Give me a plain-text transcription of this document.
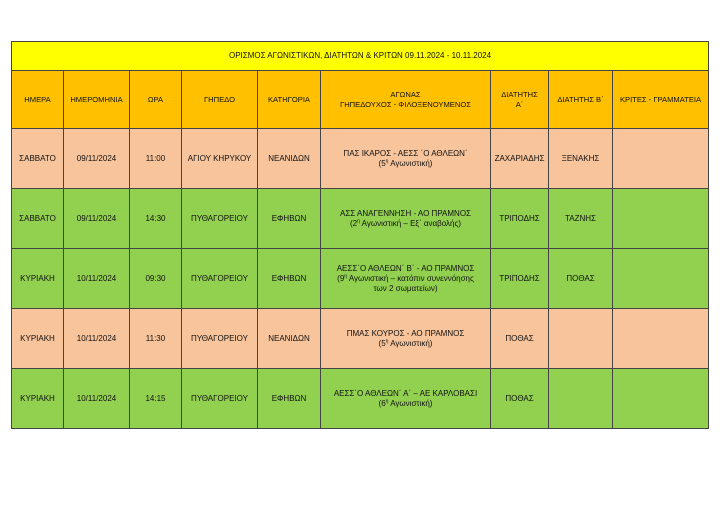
ΟΡΙΣΜΟΣ ΑΓΩΝΙΣΤΙΚΩΝ, ΔΙΑΤΗΤΩΝ & ΚΡΙΤΩΝ 09.11.2024 - 10.11.2024								
ΗΜΕΡΑ	ΗΜΕΡΟΜΗΝΙΑ	ΩΡΑ	ΓΗΠΕΔΟ	ΚΑΤΗΓΟΡΙΑ	ΑΓΩΝΑΣ
ΓΗΠΕΔΟΥΧΟΣ - ΦΙΛΟΞΕΝΟΥΜΕΝΟΣ	ΔΙΑΤΗΤΗΣ
Α΄	ΔΙΑΤΗΤΗΣ Β΄	ΚΡΙΤΕΣ - ΓΡΑΜΜΑΤΕΙΑ
ΣΑΒΒΑΤΟ	09/11/2024	11:00	ΑΓΙΟΥ ΚΗΡΥΚΟΥ	ΝΕΑΝΙΔΩΝ	ΠΑΣ ΙΚΑΡΟΣ - ΑΕΣΣ ΄Ο ΑΘΛΕΩΝ΄
($5^\eta$ Αγωνιστική)	ΖΑΧΑΡΙΑΔΗΣ	ΞΕΝΑΚΗΣ	
ΣΑΒΒΑΤΟ	09/11/2024	14:30	ΠΥΘΑΓΟΡΕΙΟΥ	ΕΦΗΒΩΝ	ΑΣΣ ΑΝΑΓΕΝΝΗΣΗ - ΑΟ ΠΡΑΜΝΟΣ
($2^\eta$ Αγωνιστική – Εξ΄ αναβολής)	ΤΡΙΠΟΔΗΣ	ΤΑΖΝΗΣ	
ΚΥΡΙΑΚΗ	10/11/2024	09:30	ΠΥΘΑΓΟΡΕΙΟΥ	ΕΦΗΒΩΝ	ΑΕΣΣ΄Ο ΑΘΛΕΩΝ΄ Β΄ - ΑΟ ΠΡΑΜΝΟΣ
($9^\eta$ Αγωνιστική – κατόπιν συνεννόησης
των 2 σωματείων)	ΤΡΙΠΟΔΗΣ	ΠΟΘΑΣ	
ΚΥΡΙΑΚΗ	10/11/2024	11:30	ΠΥΘΑΓΟΡΕΙΟΥ	ΝΕΑΝΙΔΩΝ	ΠΜΑΣ ΚΟΥΡΟΣ - ΑΟ ΠΡΑΜΝΟΣ
($5^\eta$ Αγωνιστική)	ΠΟΘΑΣ		
ΚΥΡΙΑΚΗ	10/11/2024	14:15	ΠΥΘΑΓΟΡΕΙΟΥ	ΕΦΗΒΩΝ	ΑΕΣΣ΄Ο ΑΘΛΕΩΝ΄ Α΄ – ΑΕ ΚΑΡΛΟΒΑΣΙ
($6^\eta$ Αγωνιστική)	ΠΟΘΑΣ		
